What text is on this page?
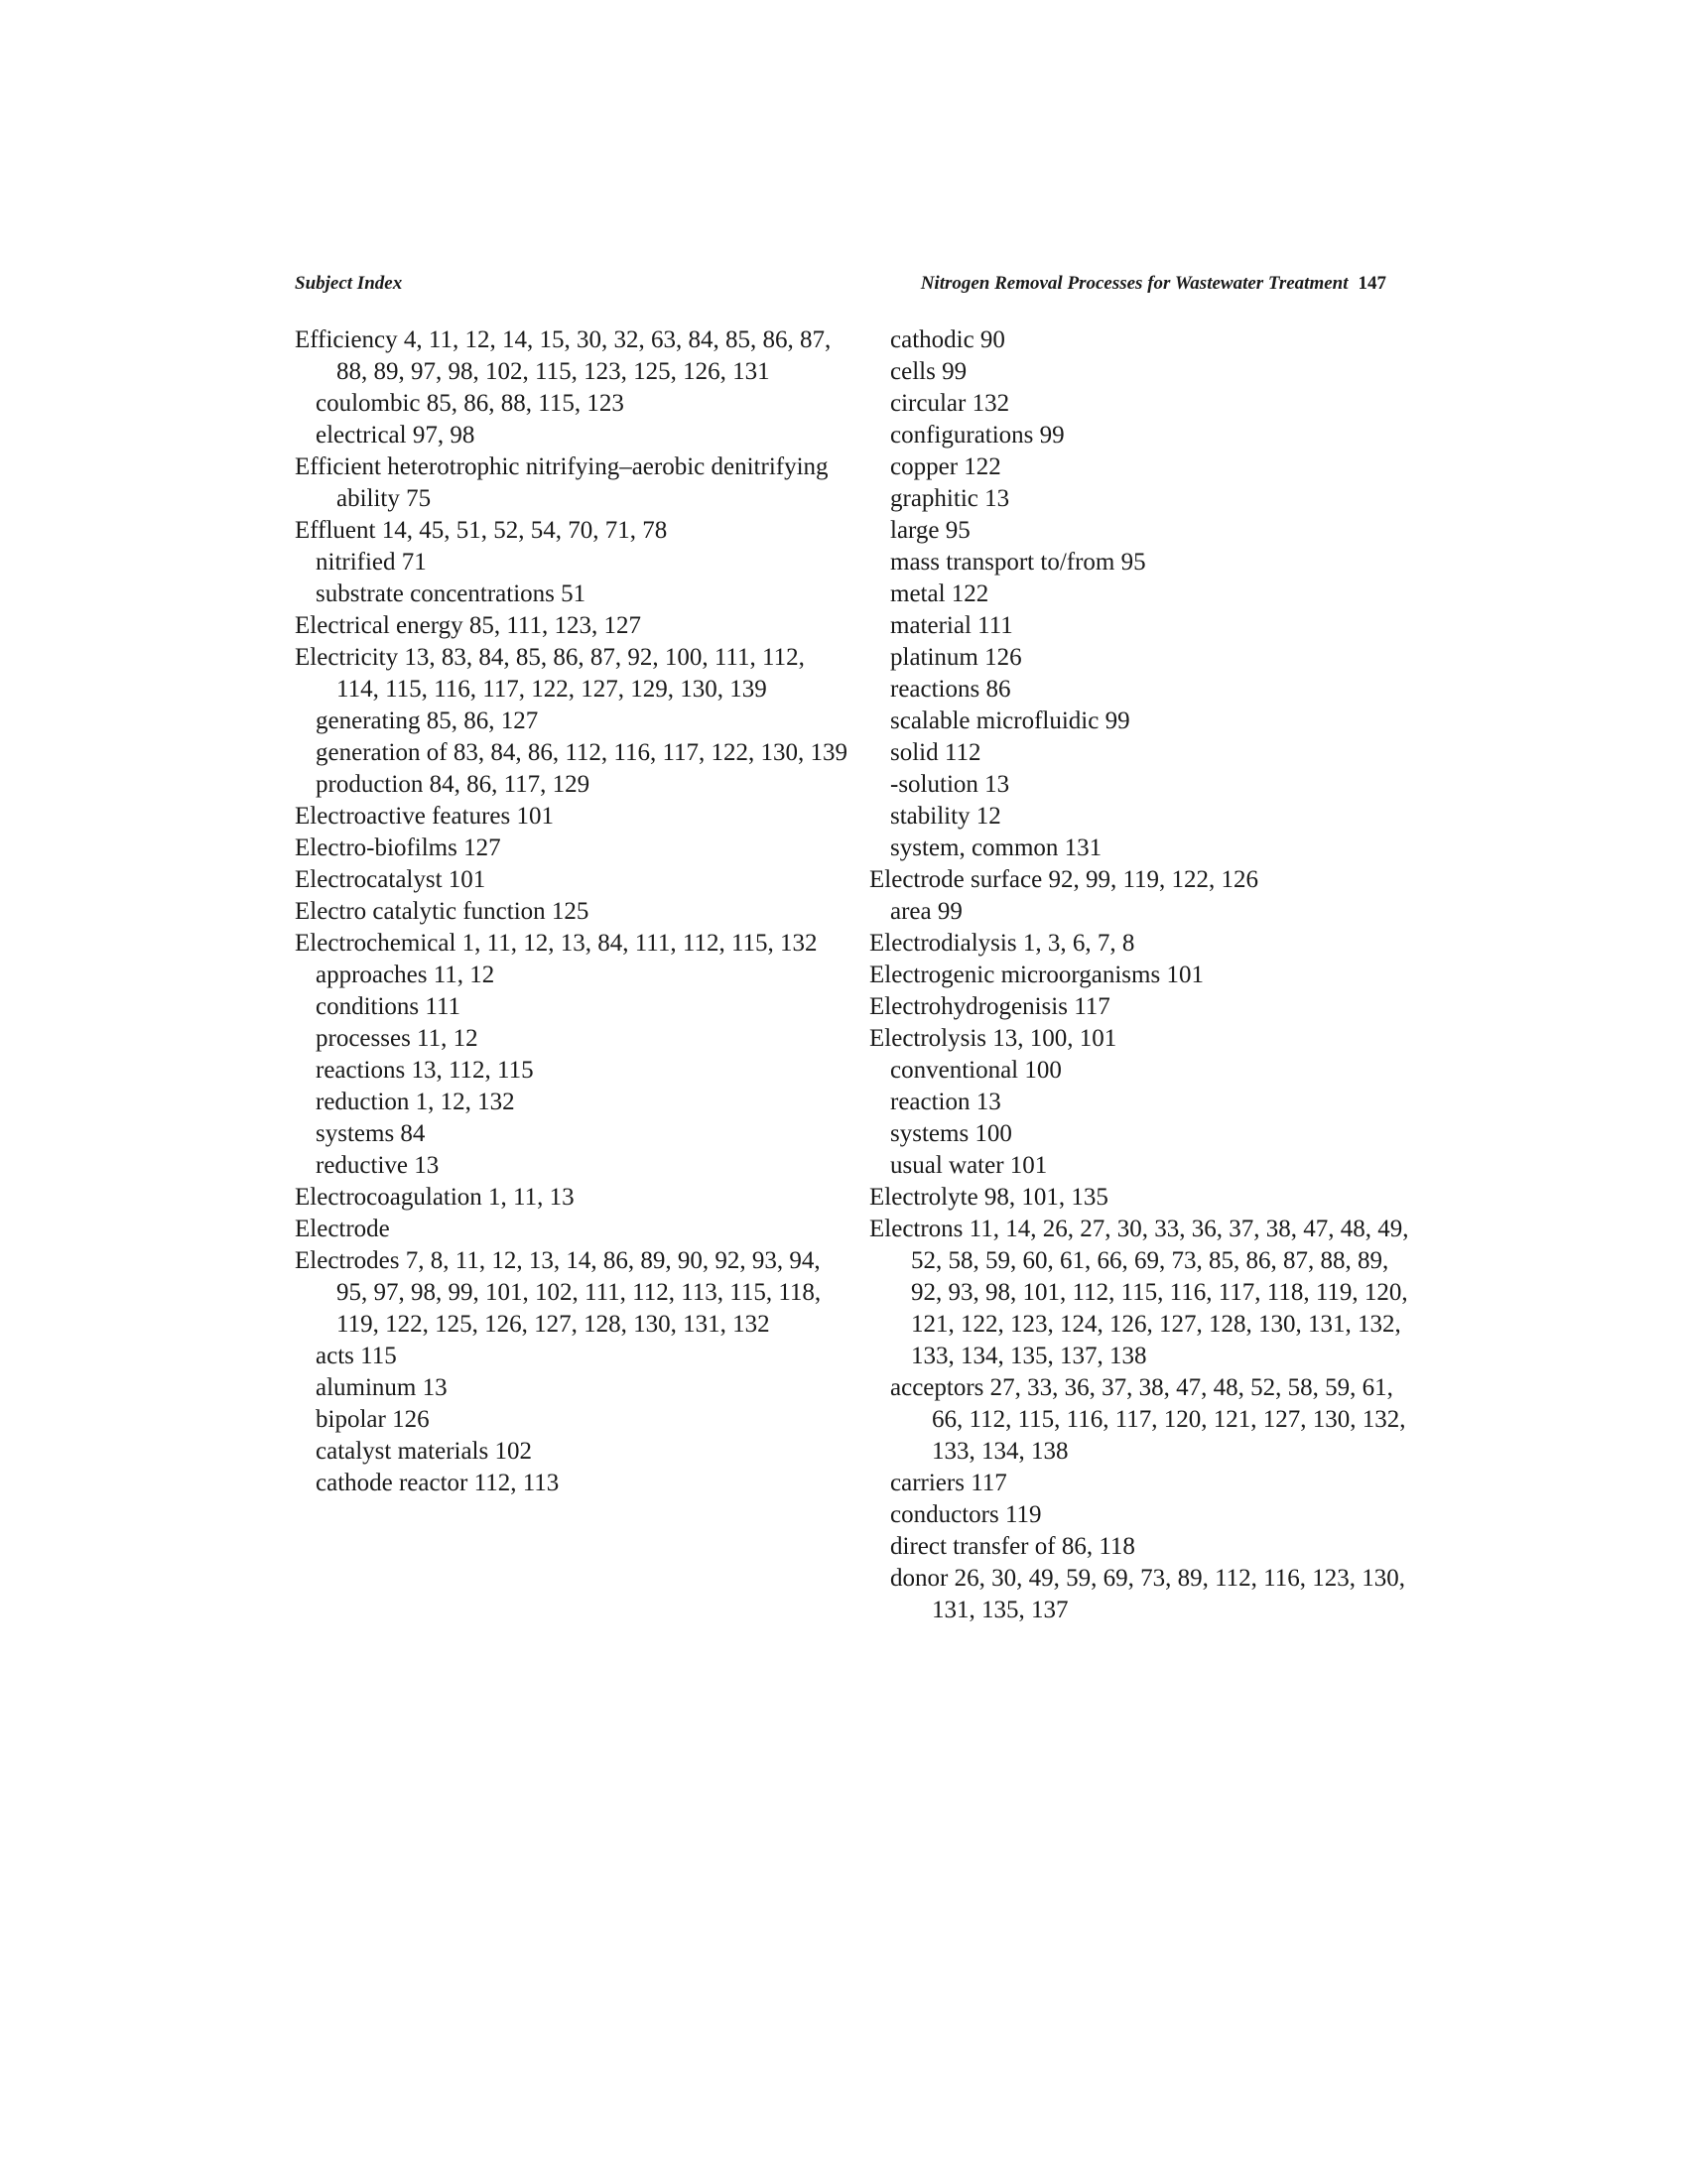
Subject Index	Nitrogen Removal Processes for Wastewater Treatment 147
Efficiency 4, 11, 12, 14, 15, 30, 32, 63, 84, 85, 86, 87, 88, 89, 97, 98, 102, 115, 123, 125, 126, 131
coulombic 85, 86, 88, 115, 123
electrical 97, 98
Efficient heterotrophic nitrifying–aerobic denitrifying ability 75
Effluent 14, 45, 51, 52, 54, 70, 71, 78
nitrified 71
substrate concentrations 51
Electrical energy 85, 111, 123, 127
Electricity 13, 83, 84, 85, 86, 87, 92, 100, 111, 112, 114, 115, 116, 117, 122, 127, 129, 130, 139
generating 85, 86, 127
generation of 83, 84, 86, 112, 116, 117, 122, 130, 139
production 84, 86, 117, 129
Electroactive features 101
Electro-biofilms 127
Electrocatalyst 101
Electro catalytic function 125
Electrochemical 1, 11, 12, 13, 84, 111, 112, 115, 132
approaches 11, 12
conditions 111
processes 11, 12
reactions 13, 112, 115
reduction 1, 12, 132
systems 84
reductive 13
Electrocoagulation 1, 11, 13
Electrode
Electrodes 7, 8, 11, 12, 13, 14, 86, 89, 90, 92, 93, 94, 95, 97, 98, 99, 101, 102, 111, 112, 113, 115, 118, 119, 122, 125, 126, 127, 128, 130, 131, 132
acts 115
aluminum 13
bipolar 126
catalyst materials 102
cathode reactor 112, 113
cathodic 90
cells 99
circular 132
configurations 99
copper 122
graphitic 13
large 95
mass transport to/from 95
metal 122
material 111
platinum 126
reactions 86
scalable microfluidic 99
solid 112
-solution 13
stability 12
system, common 131
Electrode surface 92, 99, 119, 122, 126
area 99
Electrodialysis 1, 3, 6, 7, 8
Electrogenic microorganisms 101
Electrohydrogenisis 117
Electrolysis 13, 100, 101
conventional 100
reaction 13
systems 100
usual water 101
Electrolyte 98, 101, 135
Electrons 11, 14, 26, 27, 30, 33, 36, 37, 38, 47, 48, 49, 52, 58, 59, 60, 61, 66, 69, 73, 85, 86, 87, 88, 89, 92, 93, 98, 101, 112, 115, 116, 117, 118, 119, 120, 121, 122, 123, 124, 126, 127, 128, 130, 131, 132, 133, 134, 135, 137, 138
acceptors 27, 33, 36, 37, 38, 47, 48, 52, 58, 59, 61, 66, 112, 115, 116, 117, 120, 121, 127, 130, 132, 133, 134, 138
carriers 117
conductors 119
direct transfer of 86, 118
donor 26, 30, 49, 59, 69, 73, 89, 112, 116, 123, 130, 131, 135, 137
